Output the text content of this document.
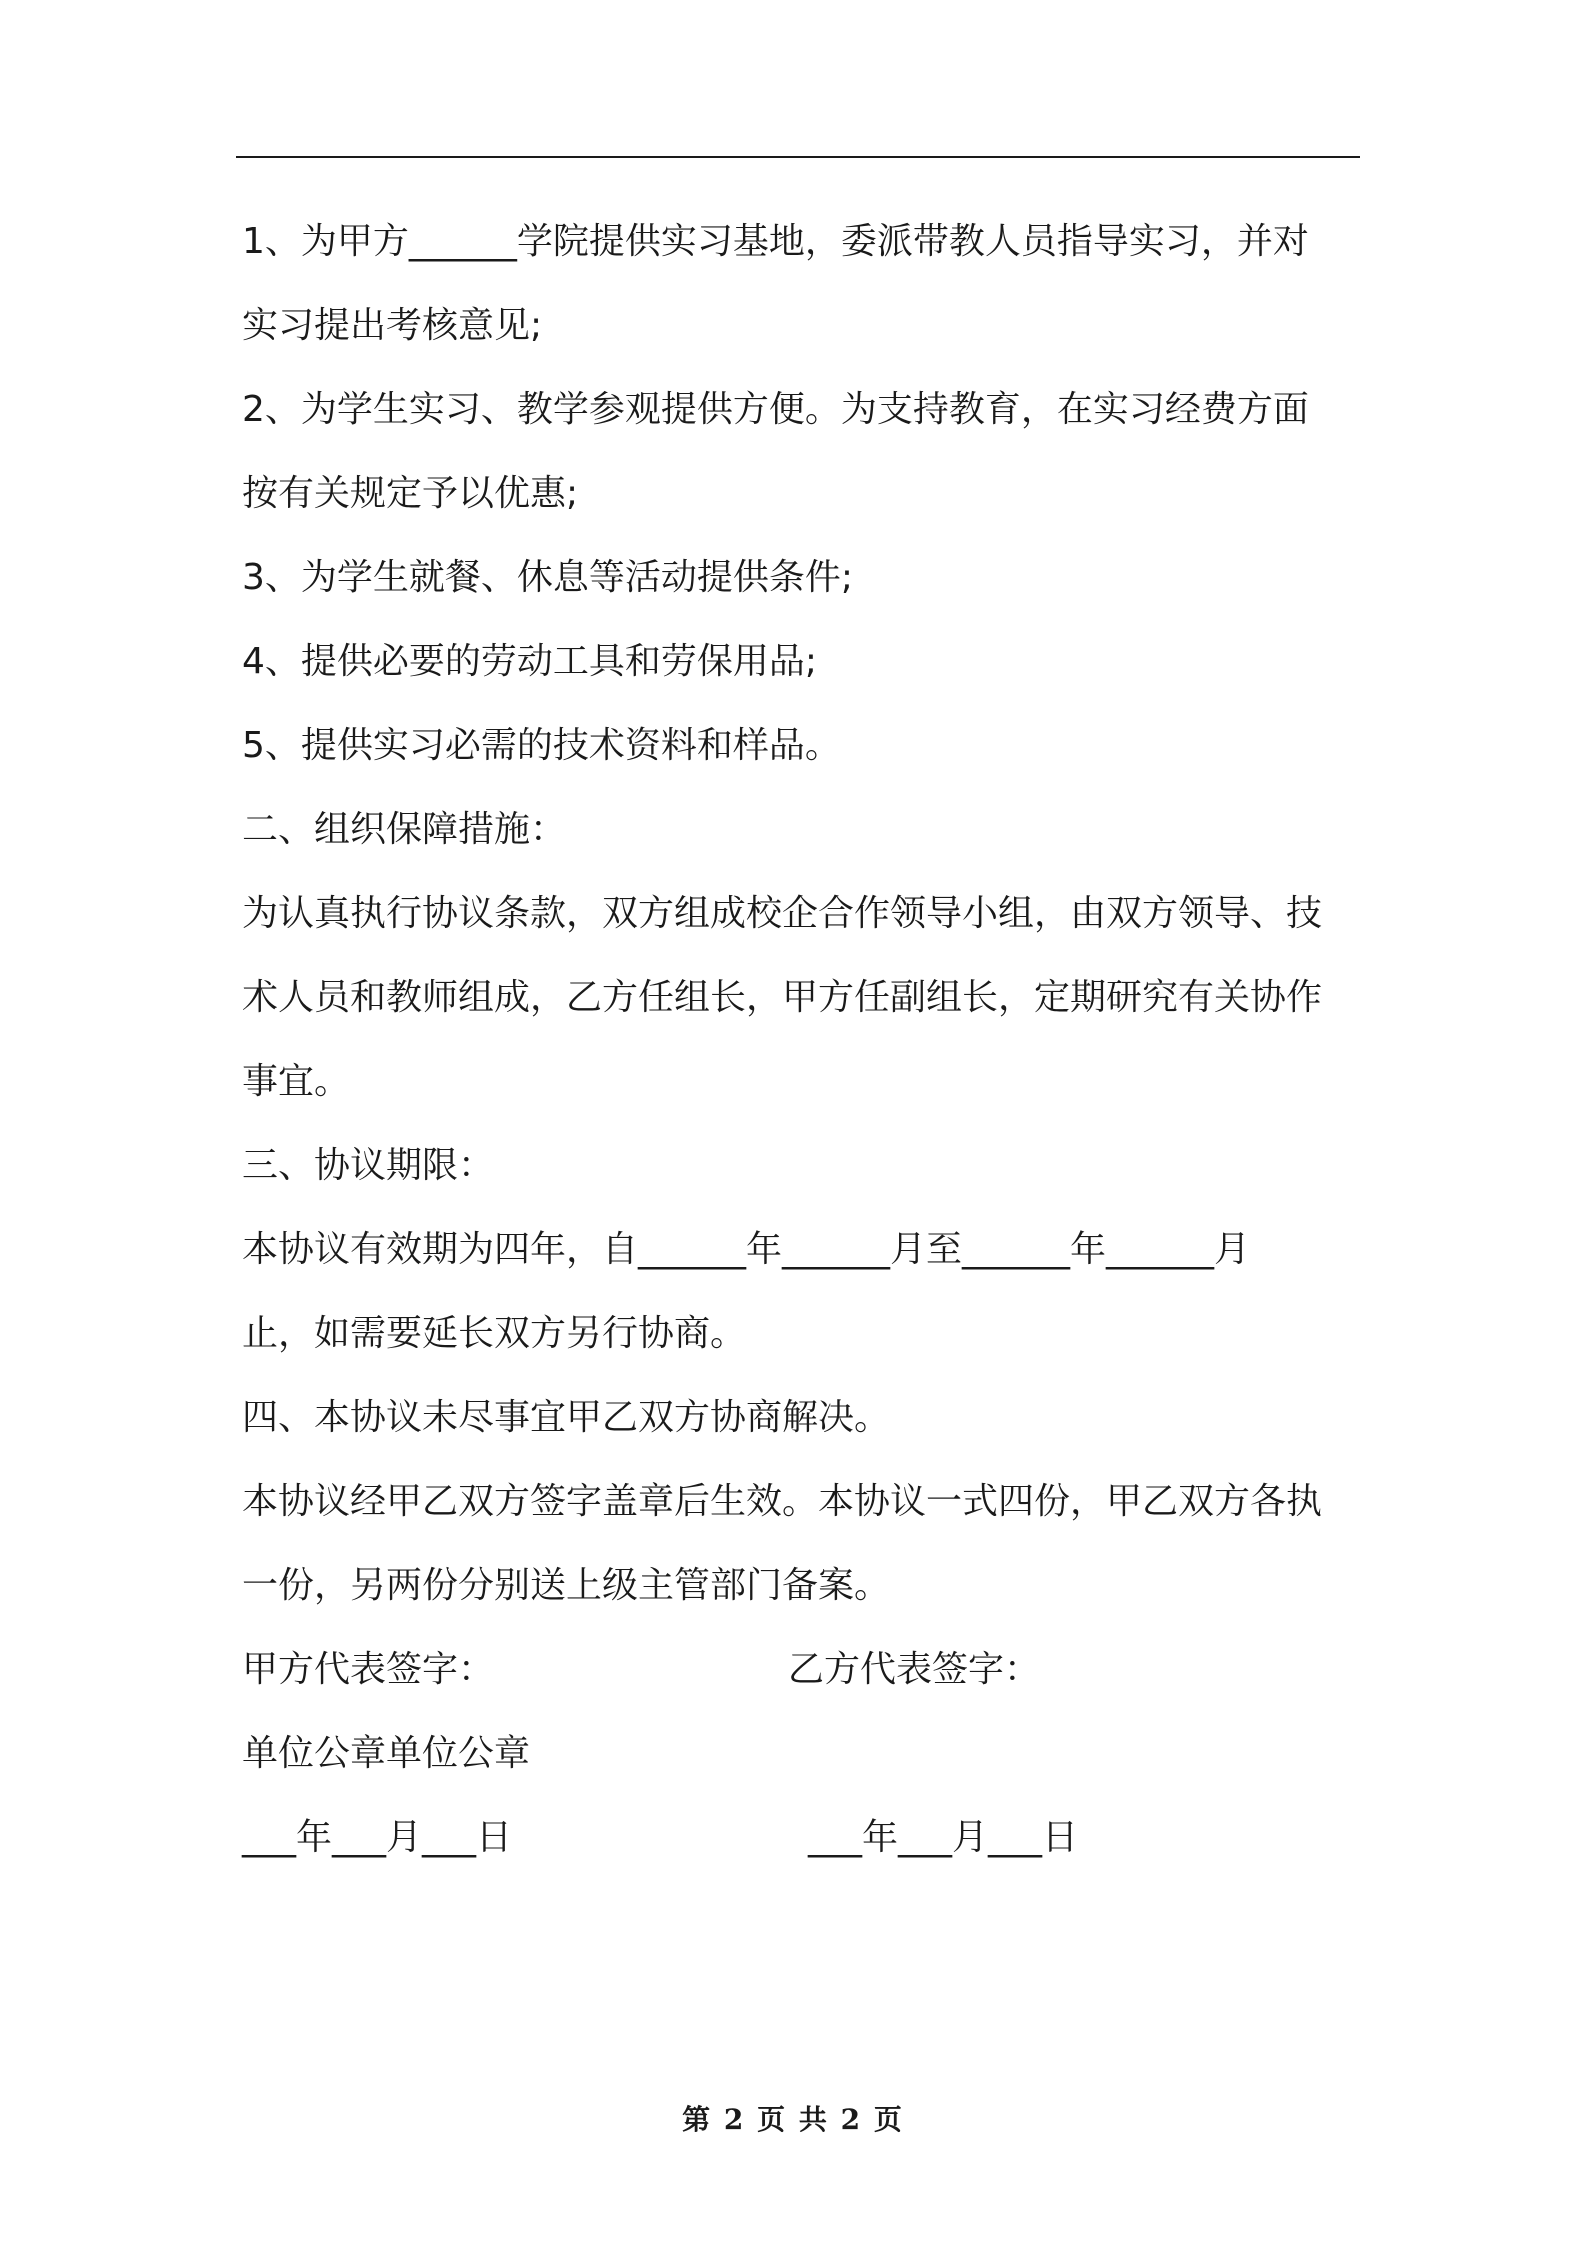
1、为甲方______学院提供实习基地，委派带教人员指导实习，并对
实习提出考核意见;
2、为学生实习、教学参观提供方便。为支持教育，在实习经费方面
按有关规定予以优惠;
3、为学生就餐、休息等活动提供条件;
4、提供必要的劳动工具和劳保用品;
5、提供实习必需的技术资料和样品。
二、组织保障措施：
为认真执行协议条款，双方组成校企合作领导小组，由双方领导、技
术人员和教师组成，乙方任组长，甲方任副组长，定期研究有关协作
事宜。
三、协议期限：
本协议有效期为四年，自______年______月至______年______月
止，如需要延长双方另行协商。
四、本协议未尽事宜甲乙双方协商解决。
本协议经甲乙双方签字盖章后生效。本协议一式四份，甲乙双方各执
一份，另两份分别送上级主管部门备案。
甲方代表签字：	乙方代表签字：
单位公章单位公章
___年___月___日	___年___月___日
第 2 页 共 2 页
